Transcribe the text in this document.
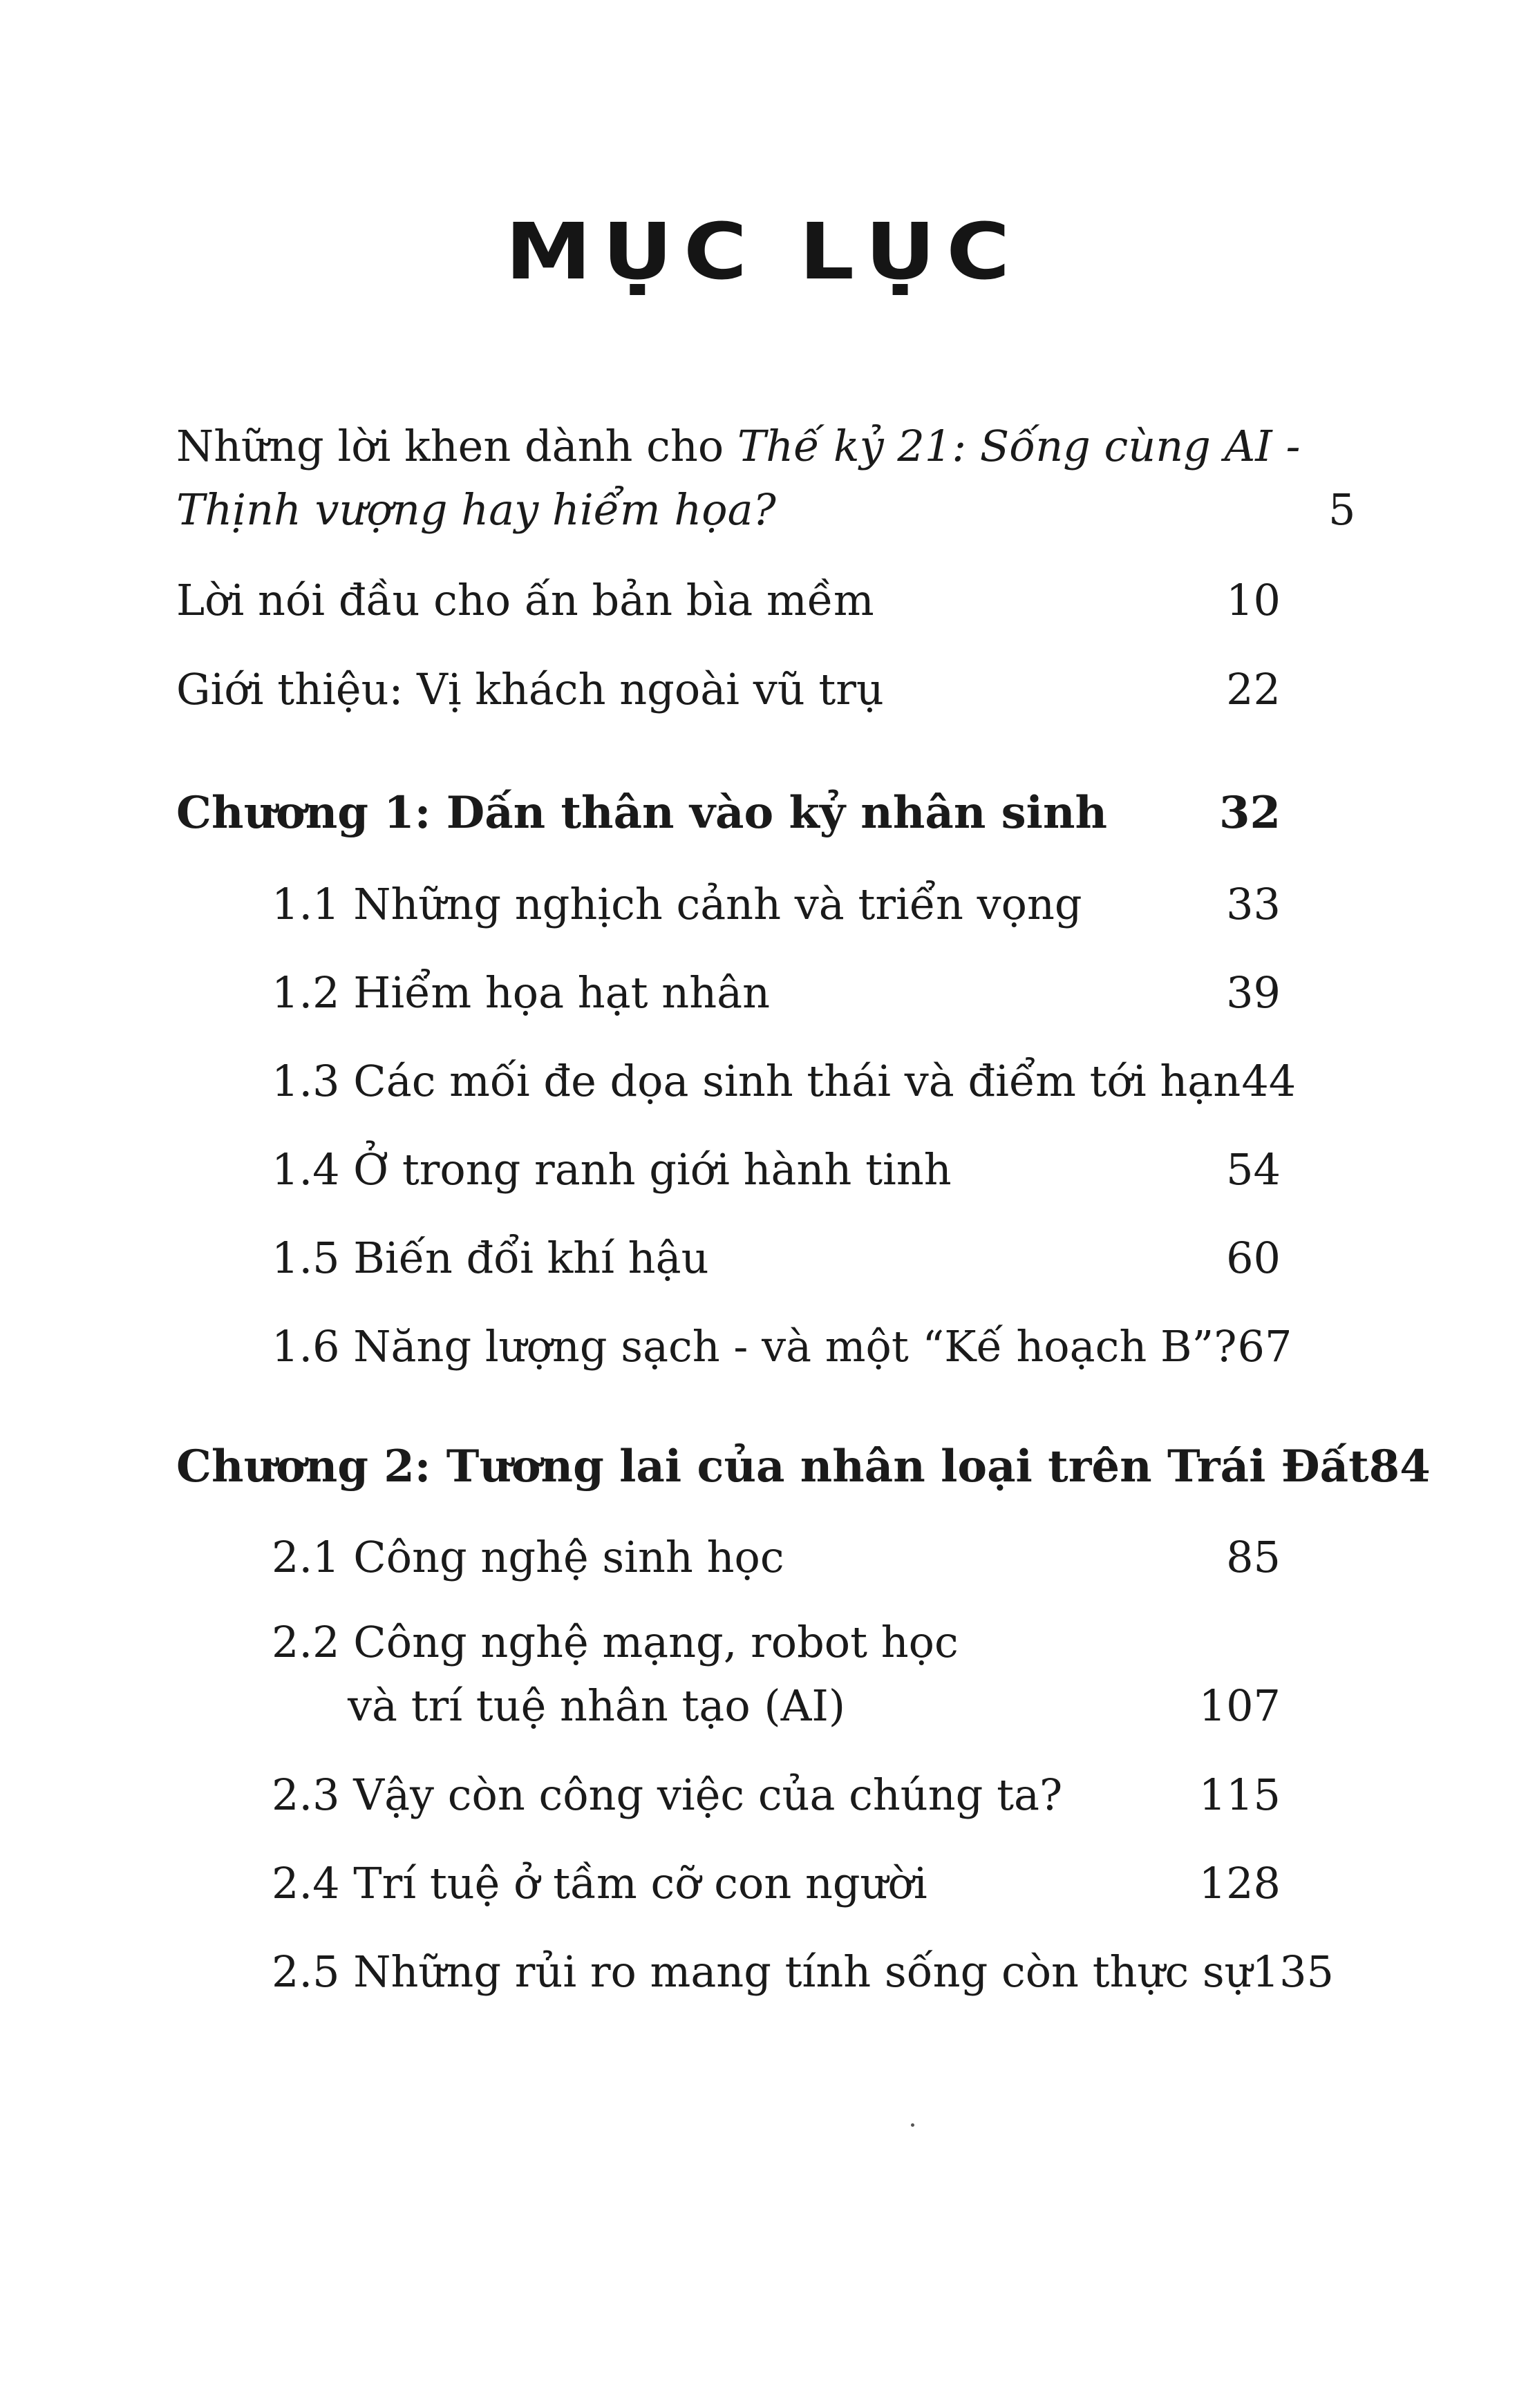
MỤC LỤC
Những lời khen dành cho Thế kỷ 21: Sống cùng AI -
Thịnh vượng hay hiểm họa?	5
Lời nói đầu cho ấn bản bìa mềm	10
Giới thiệu: Vị khách ngoài vũ trụ	22
Chương 1: Dấn thân vào kỷ nhân sinh	32
1.1 Những nghịch cảnh và triển vọng	33
1.2 Hiểm họa hạt nhân	39
1.3 Các mối đe dọa sinh thái và điểm tới hạn 44
1.4 Ở trong ranh giới hành tinh	54
1.5 Biến đổi khí hậu	60
1.6 Năng lượng sạch - và một “Kế hoạch B”? 67
Chương 2: Tương lai của nhân loại trên Trái Đất 84
2.1 Công nghệ sinh học	85
2.2 Công nghệ mạng, robot học
và trí tuệ nhân tạo (AI)	107
2.3 Vậy còn công việc của chúng ta?	115
2.4 Trí tuệ ở tầm cỡ con người	128
2.5 Những rủi ro mang tính sống còn thực sự 135
